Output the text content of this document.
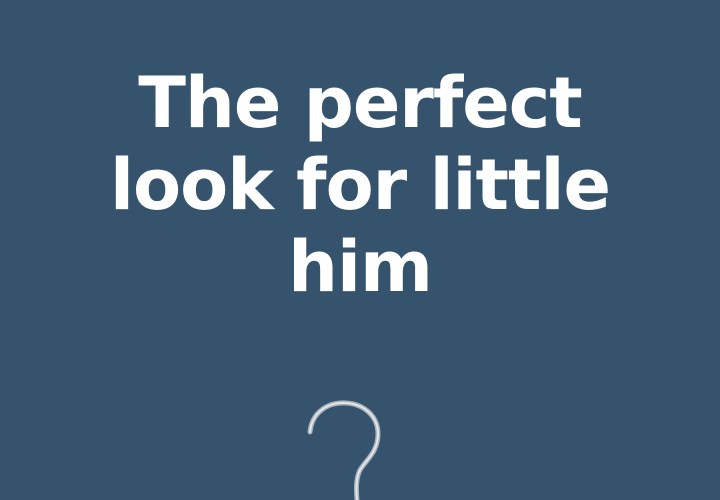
The perfect
look for little
him
